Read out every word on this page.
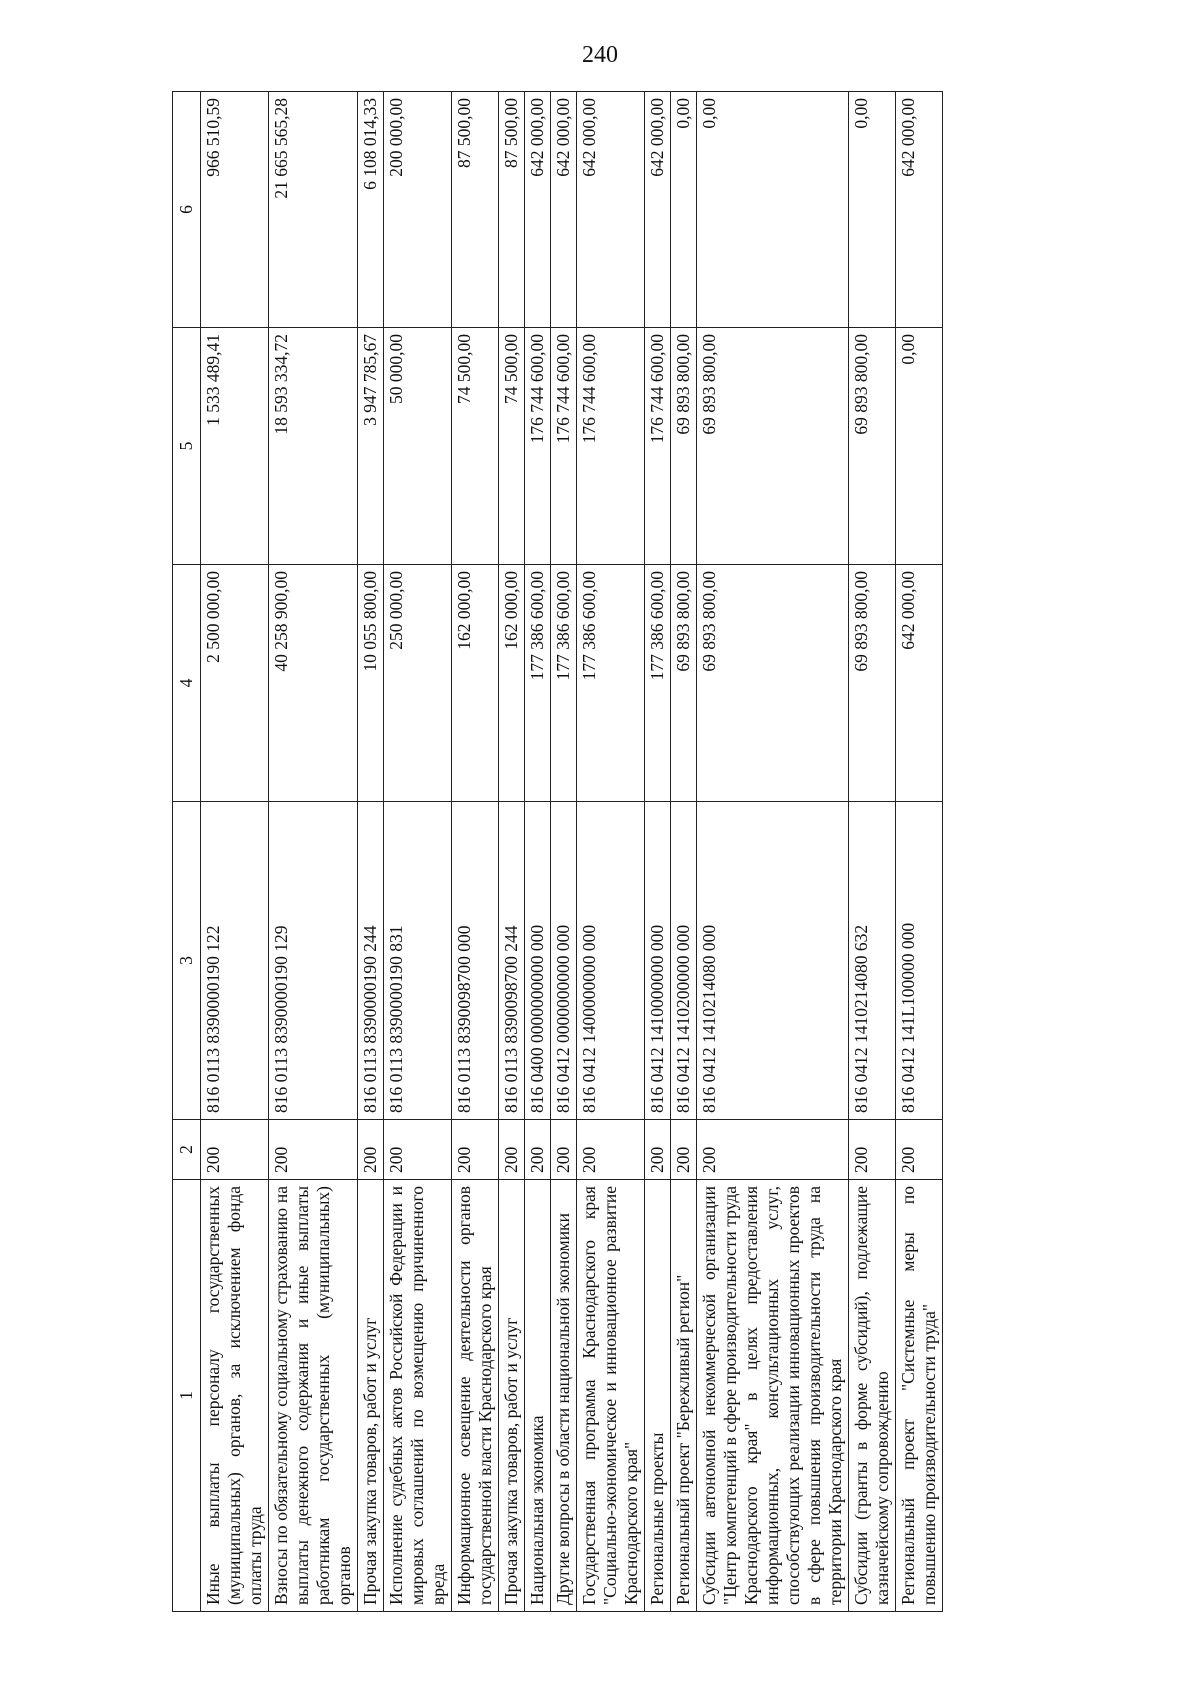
240
1	2	3	4	5	6
Иные выплаты персоналу государственных (муниципальных) органов, за исключением фонда оплаты труда	200	816 0113 8390000190 122	2 500 000,00	1 533 489,41	966 510,59
Взносы по обязательному социальному страхованию на выплаты денежного содержания и иные выплаты работникам государственных (муниципальных) органов	200	816 0113 8390000190 129	40 258 900,00	18 593 334,72	21 665 565,28
Прочая закупка товаров, работ и услуг	200	816 0113 8390000190 244	10 055 800,00	3 947 785,67	6 108 014,33
Исполнение судебных актов Российской Федерации и мировых соглашений по возмещению причиненного вреда	200	816 0113 8390000190 831	250 000,00	50 000,00	200 000,00
Информационное освещение деятельности органов государственной власти Краснодарского края	200	816 0113 8390098700 000	162 000,00	74 500,00	87 500,00
Прочая закупка товаров, работ и услуг	200	816 0113 8390098700 244	162 000,00	74 500,00	87 500,00
Национальная экономика	200	816 0400 0000000000 000	177 386 600,00	176 744 600,00	642 000,00
Другие вопросы в области национальной экономики	200	816 0412 0000000000 000	177 386 600,00	176 744 600,00	642 000,00
Государственная программа Краснодарского края "Социально-экономическое и инновационное развитие Краснодарского края"	200	816 0412 1400000000 000	177 386 600,00	176 744 600,00	642 000,00
Региональные проекты	200	816 0412 1410000000 000	177 386 600,00	176 744 600,00	642 000,00
Региональный проект "Бережливый регион"	200	816 0412 1410200000 000	69 893 800,00	69 893 800,00	0,00
Субсидии автономной некоммерческой организации "Центр компетенций в сфере производительности труда Краснодарского края" в целях предоставления информационных, консультационных услуг, способствующих реализации инновационных проектов в сфере повышения производительности труда на территории Краснодарского края	200	816 0412 1410214080 000	69 893 800,00	69 893 800,00	0,00
Субсидии (гранты в форме субсидий), подлежащие казначейскому сопровождению	200	816 0412 1410214080 632	69 893 800,00	69 893 800,00	0,00
Региональный проект "Системные меры по повышению производительности труда"	200	816 0412 141L100000 000	642 000,00	0,00	642 000,00
